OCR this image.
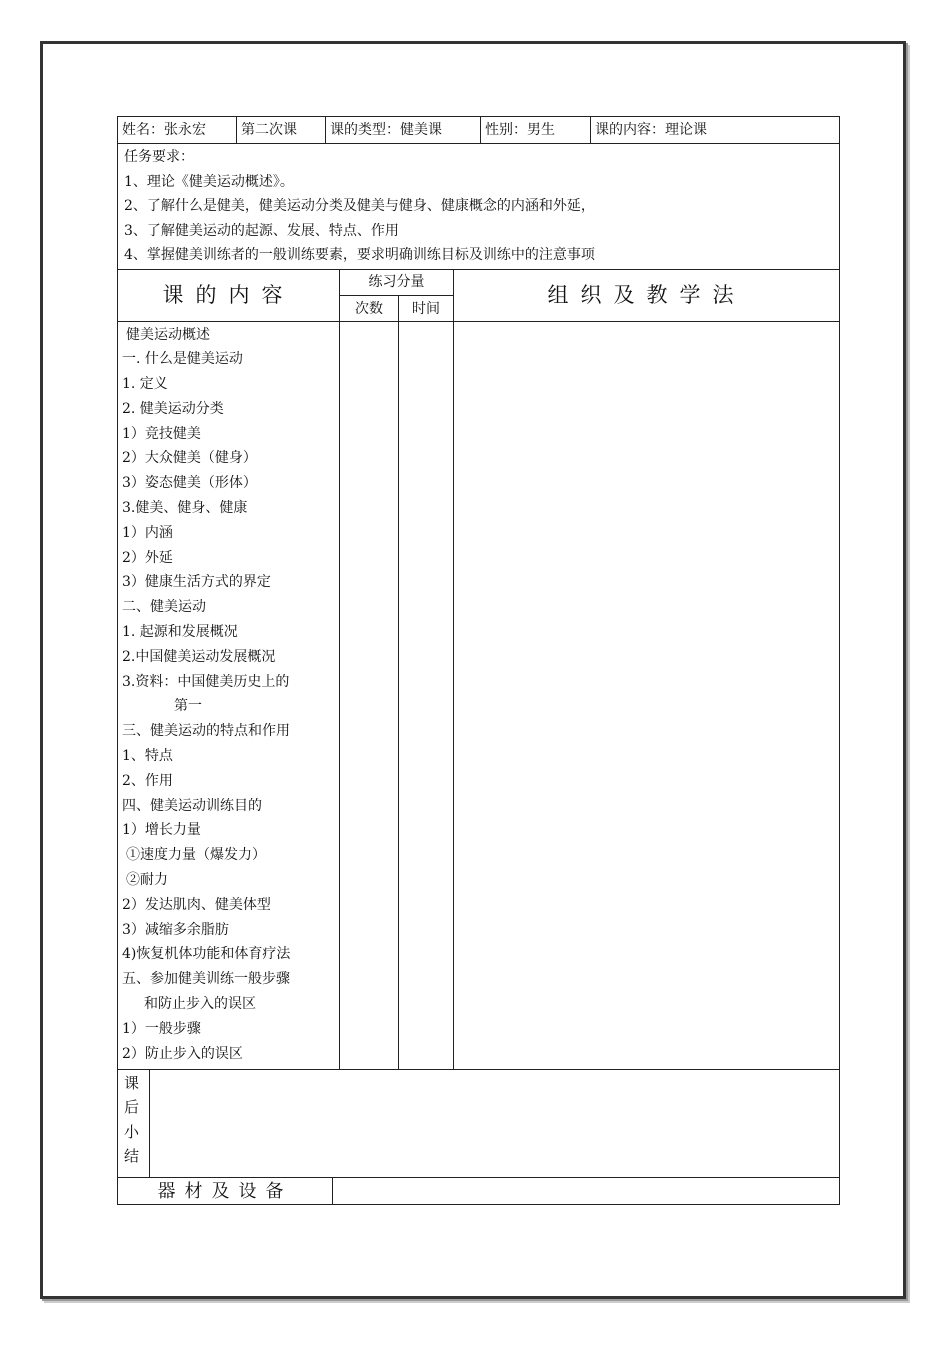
姓名：张永宏	第二次课	课的类型：健美课	性别：男生	课的内容：理论课
任务要求：
1、理论《健美运动概述》。
2、了解什么是健美，健美运动分类及健美与健身、健康概念的内涵和外延，
3、了解健美运动的起源、发展、特点、作用
4、掌握健美训练者的一般训练要素，要求明确训练目标及训练中的注意事项
课的内容
练习分量
次数	时间
组织及教学法
健美运动概述
一. 什么是健美运动
1. 定义
2. 健美运动分类
1）竞技健美
2）大众健美（健身）
3）姿态健美（形体）
3.健美、健身、健康
1）内涵
2）外延
3）健康生活方式的界定
二、健美运动
1. 起源和发展概况
2.中国健美运动发展概况
3.资料：中国健美历史上的
第一
三、健美运动的特点和作用
1、特点
2、作用
四、健美运动训练目的
1）增长力量
①速度力量（爆发力）
②耐力
2）发达肌肉、健美体型
3）减缩多余脂肪
4)恢复机体功能和体育疗法
五、参加健美训练一般步骤
和防止步入的误区
1）一般步骤
2）防止步入的误区
课
后
小
结
器材及设备
